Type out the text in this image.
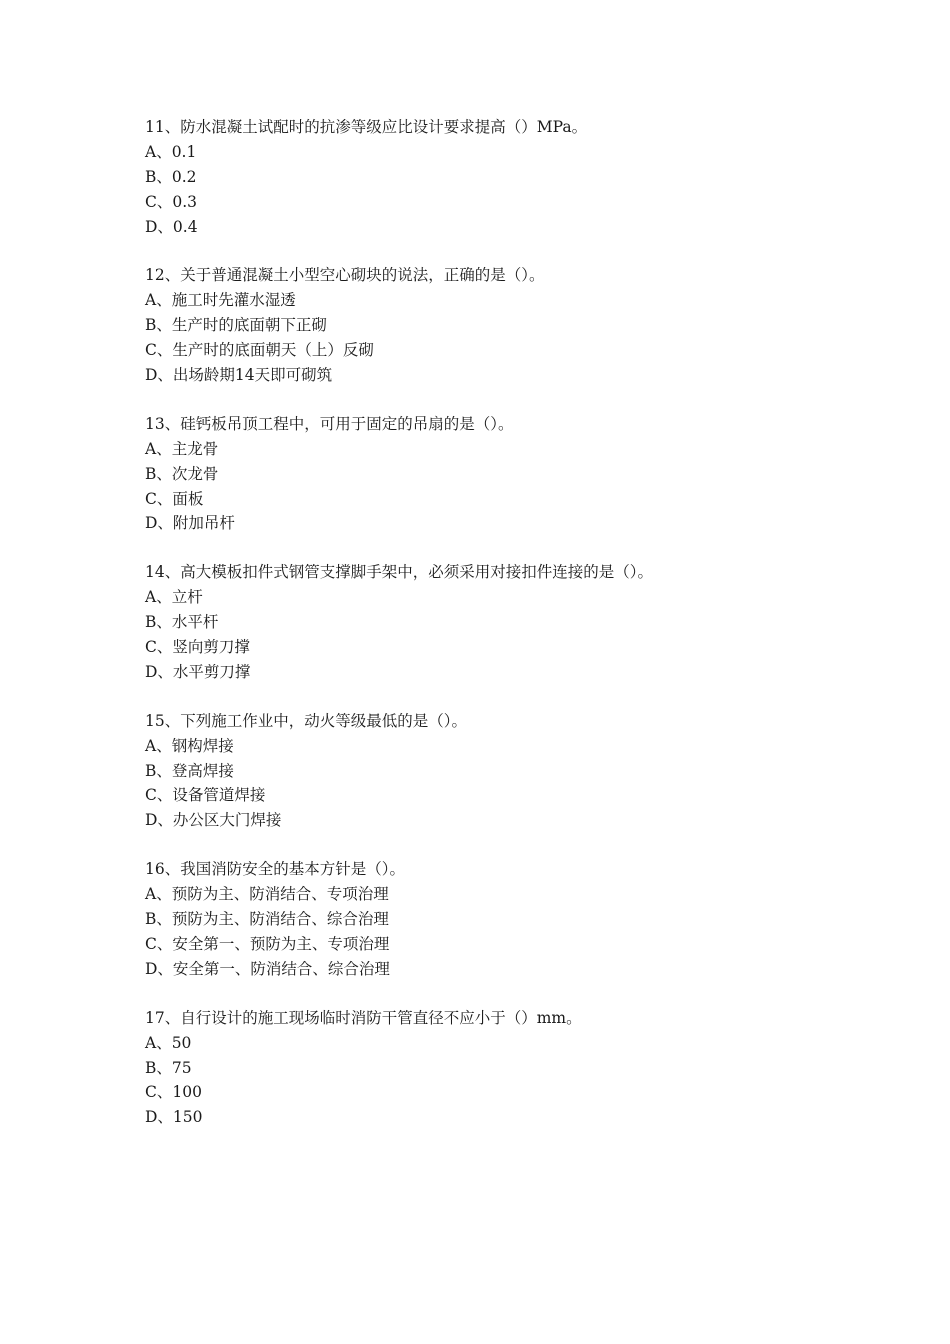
11、防水混凝土试配时的抗渗等级应比设计要求提高（）MPa。
A、0.1
B、0.2
C、0.3
D、0.4
12、关于普通混凝土小型空心砌块的说法，正确的是（）。
A、施工时先灌水湿透
B、生产时的底面朝下正砌
C、生产时的底面朝天（上）反砌
D、出场龄期14天即可砌筑
13、硅钙板吊顶工程中，可用于固定的吊扇的是（）。
A、主龙骨
B、次龙骨
C、面板
D、附加吊杆
14、高大模板扣件式钢管支撑脚手架中，必须采用对接扣件连接的是（）。
A、立杆
B、水平杆
C、竖向剪刀撑
D、水平剪刀撑
15、下列施工作业中，动火等级最低的是（）。
A、钢构焊接
B、登高焊接
C、设备管道焊接
D、办公区大门焊接
16、我国消防安全的基本方针是（）。
A、预防为主、防消结合、专项治理
B、预防为主、防消结合、综合治理
C、安全第一、预防为主、专项治理
D、安全第一、防消结合、综合治理
17、自行设计的施工现场临时消防干管直径不应小于（）mm。
A、50
B、75
C、100
D、150
